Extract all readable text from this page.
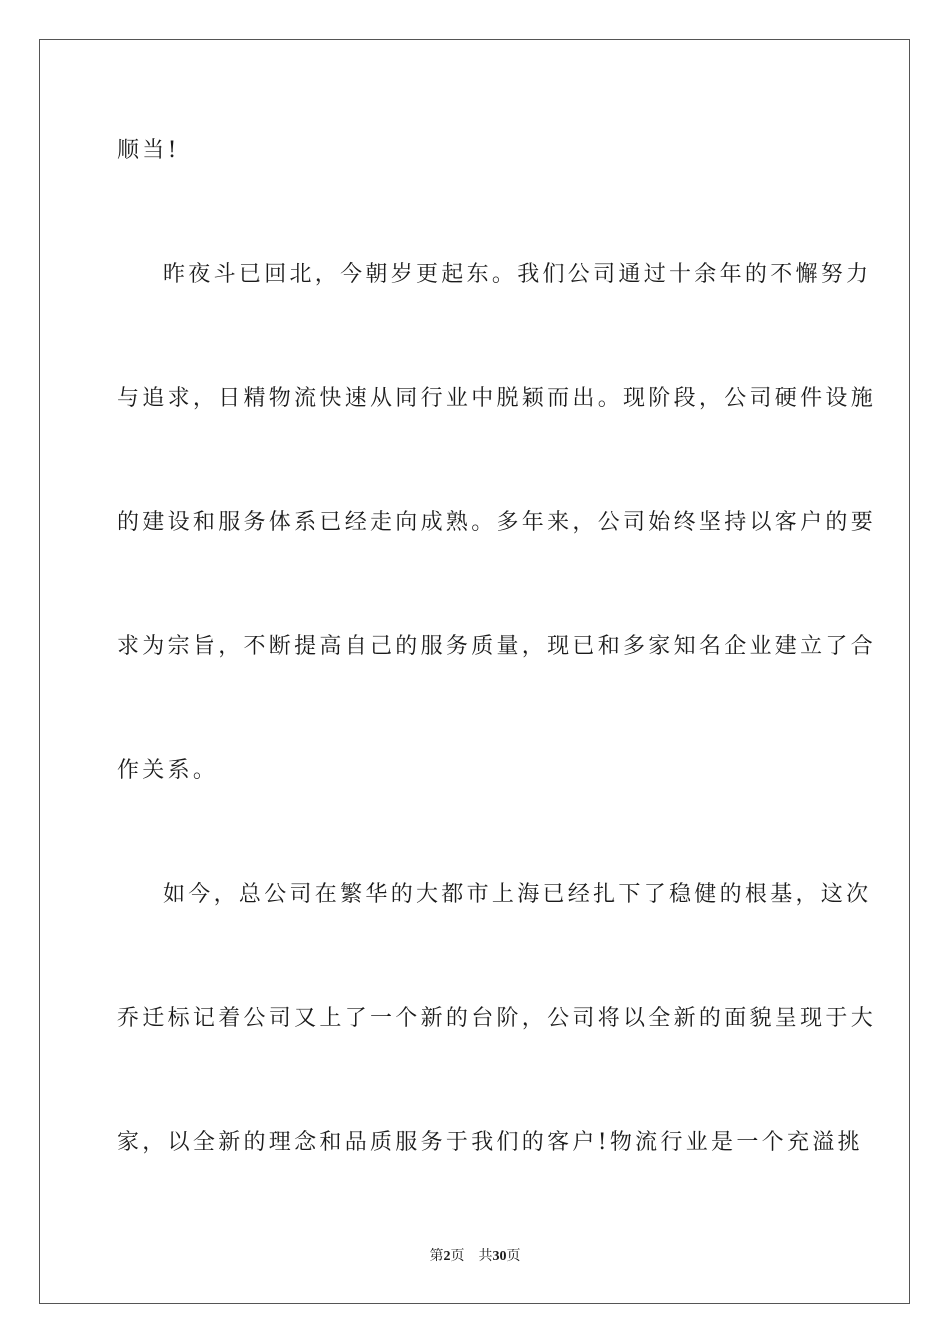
顺当!
昨夜斗已回北，今朝岁更起东。我们公司通过十余年的不懈努力
与追求，日精物流快速从同行业中脱颖而出。现阶段，公司硬件设施
的建设和服务体系已经走向成熟。多年来，公司始终坚持以客户的要
求为宗旨，不断提高自己的服务质量，现已和多家知名企业建立了合
作关系。
如今，总公司在繁华的大都市上海已经扎下了稳健的根基，这次
乔迁标记着公司又上了一个新的台阶，公司将以全新的面貌呈现于大
家，以全新的理念和品质服务于我们的客户!物流行业是一个充溢挑
第2页 共30页
